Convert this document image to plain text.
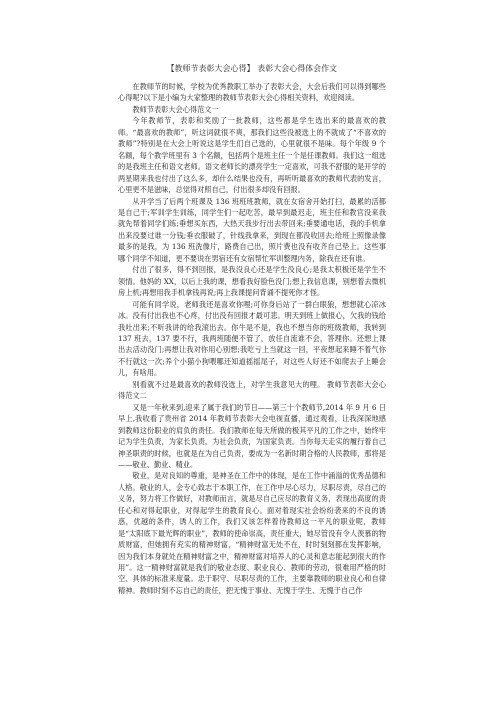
【教师节表彰大会心得】 表彰大会心得体会作文

在教师节的时候，学校为优秀教职工举办了表彰大会，大会后我们可以得到哪些心得呢?以下是小编为大家整理的教师节表彰大会心得相关资料，欢迎阅读。

教师节表彰大会心得范文一

今年教师节，表彰和奖励了一批教师，这些都是学生选出来的最喜欢的教师。“最喜欢的教师”，听这词就很不爽，那我们这些没被选上的不就成了“不喜欢的教师”?特别是在大会上听说这是学生们自己选的，心里就很不是味。每个年级 9 个名额，每个教学班里有 3 个名额，包括两个是班主任一个是任课教师。我们这一组选的是我班主任和语文老师。语文老师长的漂亮学生一定喜欢，可我不舒服的是开学的两星期来我也付出了这么多，却什么结果也没有，再听听最喜欢的教师代表的发言，心里更不是滋味，总觉得对照自己，付出很多却没有回报。

从开学当了后两个班课及 136 班班班教师，就在女宿舍开始打扫，最累的活都是自己干;军训学生训练，同学生们一起吃苦，最早到最迟走，班主任和教官没来我就先帮着同学们练;垂想买东西，大热天我步行出去带回来;垂要通电话，我的手机拿出来没要过谁一分钱;垂衣服破了，针线我拿来，到现在都没收回去;给班上照像录像最多的是我，为 136 班洗像片，路费自己出，照片费也没有收齐自己垫上。这些事哪个同学不知道，更不要说在男宿还有女宿帮忙军训整理内务，除我在还有谁。

付出了很多，得不到回报，是我没良心还是学生没良心;是我太积极还是学生不领情。他妈的 XX，以后上我的课，想看我好脸色没门;想上我信息课，别想着去微机房上机;再想用我手机拿钱再说;再上我课提问背诵不提死你才怪。

可能有同学说，老师我还是喜欢你哩;可你身后站了一群白眼狼，想想就心凉冰冰。没有付出我也不心疼，付出没有回报才最可悲。明天到班上做报心，欠我的钱给我吐出来;不听我讲的给我滚出去。你牛是不是，我也不想当你的班级教师，我转到 137 班去，137 要不行，我两班随便不管了，放任自流谁不会，答理你。还想上课出去活动没门;再想让我对你用心别想;我吃亏上当就这一回，平夜想起来睡不着气你不行就这一次;养个小猫小狗喂哪还知道摇摇尾子，对这些人好还不如爬去子上睡会儿，有啥用。

别看就不过是最喜欢的教师没选上，对学生我意见大的哩。 教师节表彰大会心得范文二

又是一年秋来到,迎来了属于我们的节日——第三十个教师节,2014 年 9 月 6 日早上,我收看了贵州省 2014 年教师节表彰大会电视直播，通过观看，让我深深地感到教师这份职业的肩负的责任。我们教师在每天所做的极其平凡的工作之中，始终牢记为学生负责，为家长负责，为社会负责，为国家负责。当你每天走实的履行着自己神圣职责的时候，也就是在为自己负责，要成为一名新时期合格的人民教师，那将是——敬业、勤业、精业。

敬业，是对良知的尊重，是神圣在工作中的体现，是在工作中涌溢的优秀品德和人格。敬业的人，会专心致志于本职工作，在工作中尽心尽力，尽职尽责，尽自己的义务，努力将工作做好，对教师而言，就是尽自己应尽的教育义务，表现出高度的责任心和对得起职业，对得起学生的教育良心。面对着现实社会纷纷袭来的不良的诱惑，优越的条件，诱人的工作，我们又该怎样着待教师这一平凡的职业呢，教师是“太阳底下最光辉的职业”，教师的使命崇高，责任重大，她尽管没有令人羡慕的物质财富，但她拥有充实的精神财富，“精神财富无处不在，时时刻刻都在发挥影响，因为我们本身就处在精神财富之中，精神财富对培养人的心灵和意志能起到很大的作用”。这一精神财富就是我们的敬业态度、职业良心、教师的劳动，很难用严格的时空、具体的标准来度量。忠于职守、尽职尽责的工作，主要靠教师的职业良心和自律精神。教师时刻不忘自己的责任，把无愧于事业、无愧于学生、无愧于自己作
